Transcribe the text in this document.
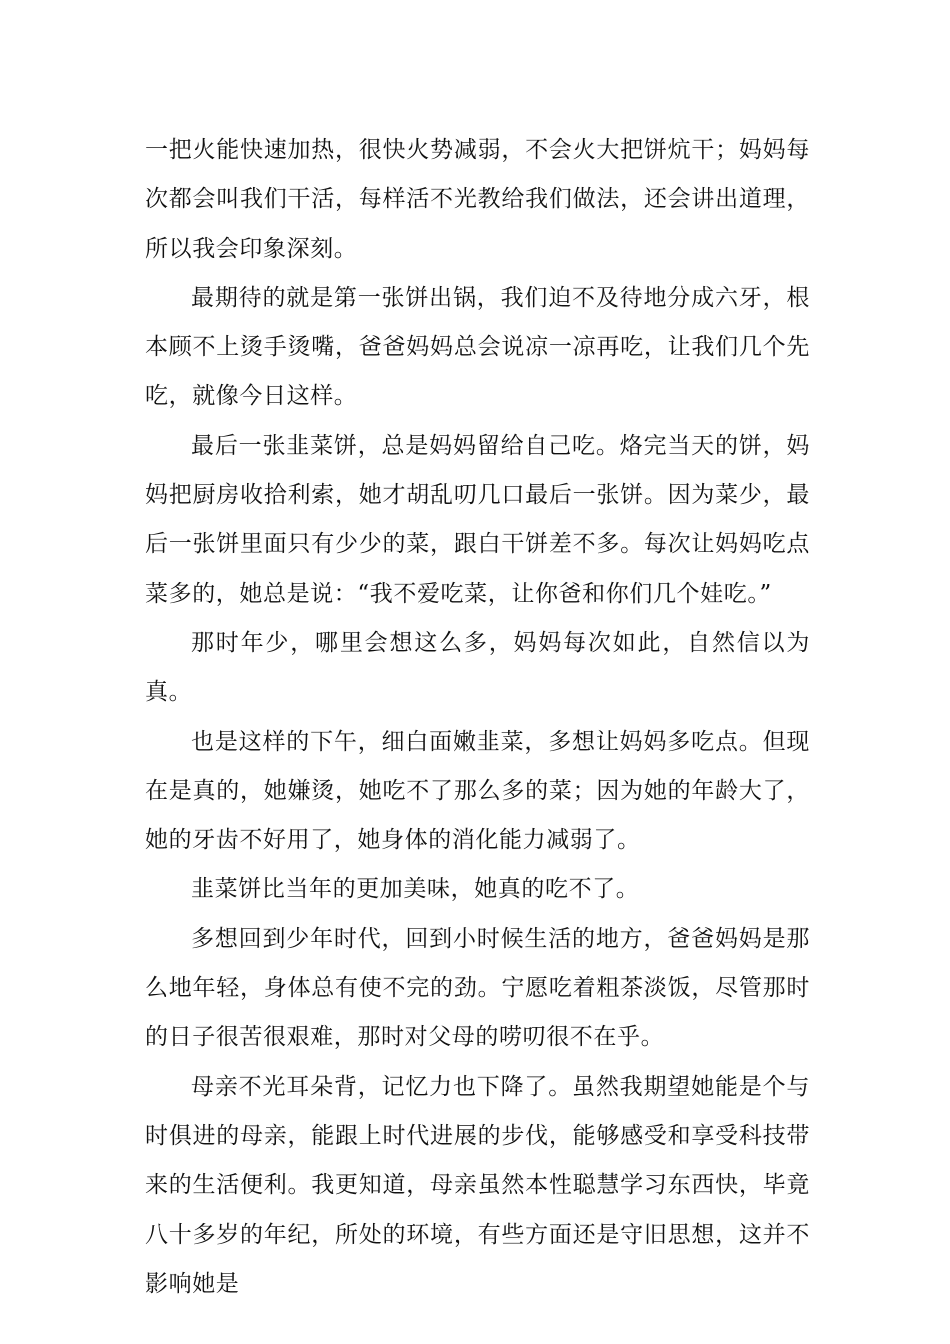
一把火能快速加热，很快火势减弱，不会火大把饼炕干；妈妈每次都会叫我们干活，每样活不光教给我们做法，还会讲出道理，所以我会印象深刻。

最期待的就是第一张饼出锅，我们迫不及待地分成六牙，根本顾不上烫手烫嘴，爸爸妈妈总会说凉一凉再吃，让我们几个先吃，就像今日这样。

最后一张韭菜饼，总是妈妈留给自己吃。烙完当天的饼，妈妈把厨房收拾利索，她才胡乱叨几口最后一张饼。因为菜少，最后一张饼里面只有少少的菜，跟白干饼差不多。每次让妈妈吃点菜多的，她总是说：“我不爱吃菜，让你爸和你们几个娃吃。”

那时年少，哪里会想这么多，妈妈每次如此，自然信以为真。

也是这样的下午，细白面嫩韭菜，多想让妈妈多吃点。但现在是真的，她嫌烫，她吃不了那么多的菜；因为她的年龄大了，她的牙齿不好用了，她身体的消化能力减弱了。

韭菜饼比当年的更加美味，她真的吃不了。

多想回到少年时代，回到小时候生活的地方，爸爸妈妈是那么地年轻，身体总有使不完的劲。宁愿吃着粗茶淡饭，尽管那时的日子很苦很艰难，那时对父母的唠叨很不在乎。

母亲不光耳朵背，记忆力也下降了。虽然我期望她能是个与时俱进的母亲，能跟上时代进展的步伐，能够感受和享受科技带来的生活便利。我更知道，母亲虽然本性聪慧学习东西快，毕竟八十多岁的年纪，所处的环境，有些方面还是守旧思想，这并不影响她是
